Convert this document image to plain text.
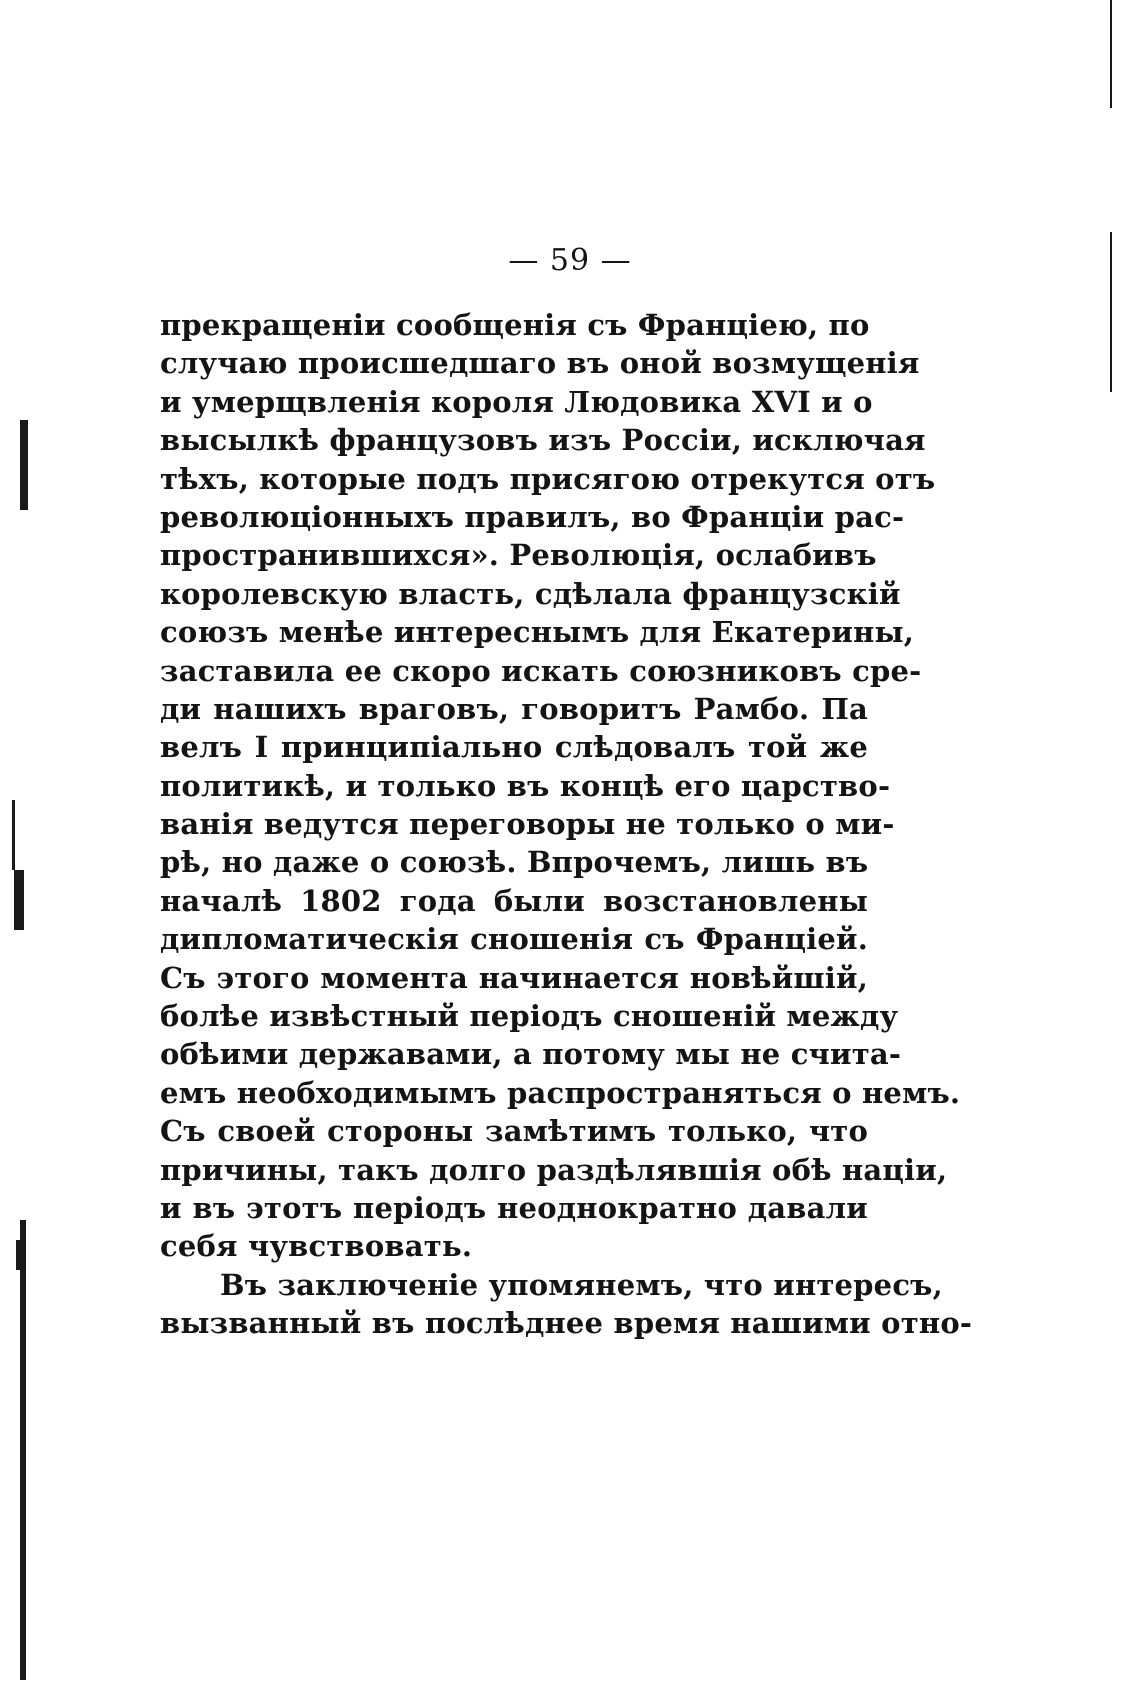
— 59 —
прекращеніи сообщенія съ Франціею, по
случаю происшедшаго въ оной возмущенія
и умерщвленія короля Людовика XVI и о
высылкѣ французовъ изъ Россіи, исключая
тѣхъ, которые подъ присягою отрекутся отъ
революціонныхъ правилъ, во Франціи рас-
пространившихся». Революція, ослабивъ
королевскую власть, сдѣлала французскій
союзъ менѣе интереснымъ для Екатерины,
заставила ее скоро искать союзниковъ сре-
ди нашихъ враговъ, говоритъ Рамбо. Па
велъ I принципіально слѣдовалъ той же
политикѣ, и только въ концѣ его царство-
ванія ведутся переговоры не только о ми-
рѣ, но даже о союзѣ. Впрочемъ, лишь въ
началѣ 1802 года были возстановлены
дипломатическія сношенія съ Франціей.
Съ этого момента начинается новѣйшій,
болѣе извѣстный періодъ сношеній между
обѣими державами, а потому мы не счита-
емъ необходимымъ распространяться о немъ.
Съ своей стороны замѣтимъ только, что
причины, такъ долго раздѣлявшія обѣ націи,
и въ этотъ періодъ неоднократно давали
себя чувствовать.
Въ заключеніе упомянемъ, что интересъ,
вызванный въ послѣднее время нашими отно-
